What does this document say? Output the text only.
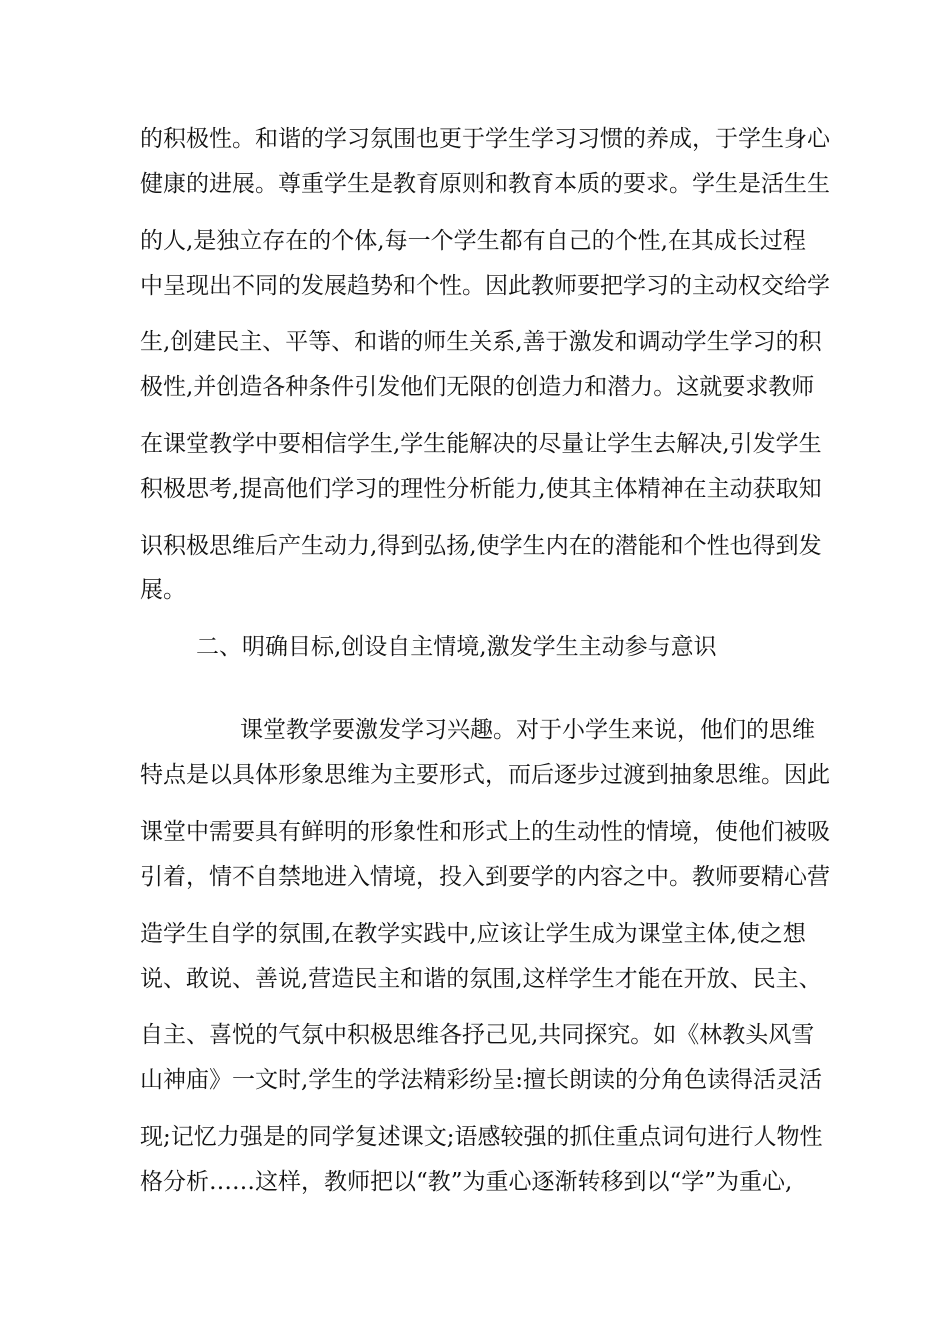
的积极性。和谐的学习氛围也更于学生学习习惯的养成，于学生身心
健康的进展。尊重学生是教育原则和教育本质的要求。学生是活生生
的人,是独立存在的个体,每一个学生都有自己的个性,在其成长过程
中呈现出不同的发展趋势和个性。因此教师要把学习的主动权交给学
生,创建民主、平等、和谐的师生关系,善于激发和调动学生学习的积
极性,并创造各种条件引发他们无限的创造力和潜力。这就要求教师
在课堂教学中要相信学生,学生能解决的尽量让学生去解决,引发学生
积极思考,提高他们学习的理性分析能力,使其主体精神在主动获取知
识积极思维后产生动力,得到弘扬,使学生内在的潜能和个性也得到发
展。
二、明确目标,创设自主情境,激发学生主动参与意识
课堂教学要激发学习兴趣。对于小学生来说，他们的思维
特点是以具体形象思维为主要形式，而后逐步过渡到抽象思维。因此
课堂中需要具有鲜明的形象性和形式上的生动性的情境，使他们被吸
引着，情不自禁地进入情境，投入到要学的内容之中。教师要精心营
造学生自学的氛围,在教学实践中,应该让学生成为课堂主体,使之想
说、敢说、善说,营造民主和谐的氛围,这样学生才能在开放、民主、
自主、喜悦的气氛中积极思维各抒己见,共同探究。如《林教头风雪
山神庙》一文时,学生的学法精彩纷呈:擅长朗读的分角色读得活灵活
现;记忆力强是的同学复述课文;语感较强的抓住重点词句进行人物性
格分析……这样，教师把以“教”为重心逐渐转移到以“学”为重心,
